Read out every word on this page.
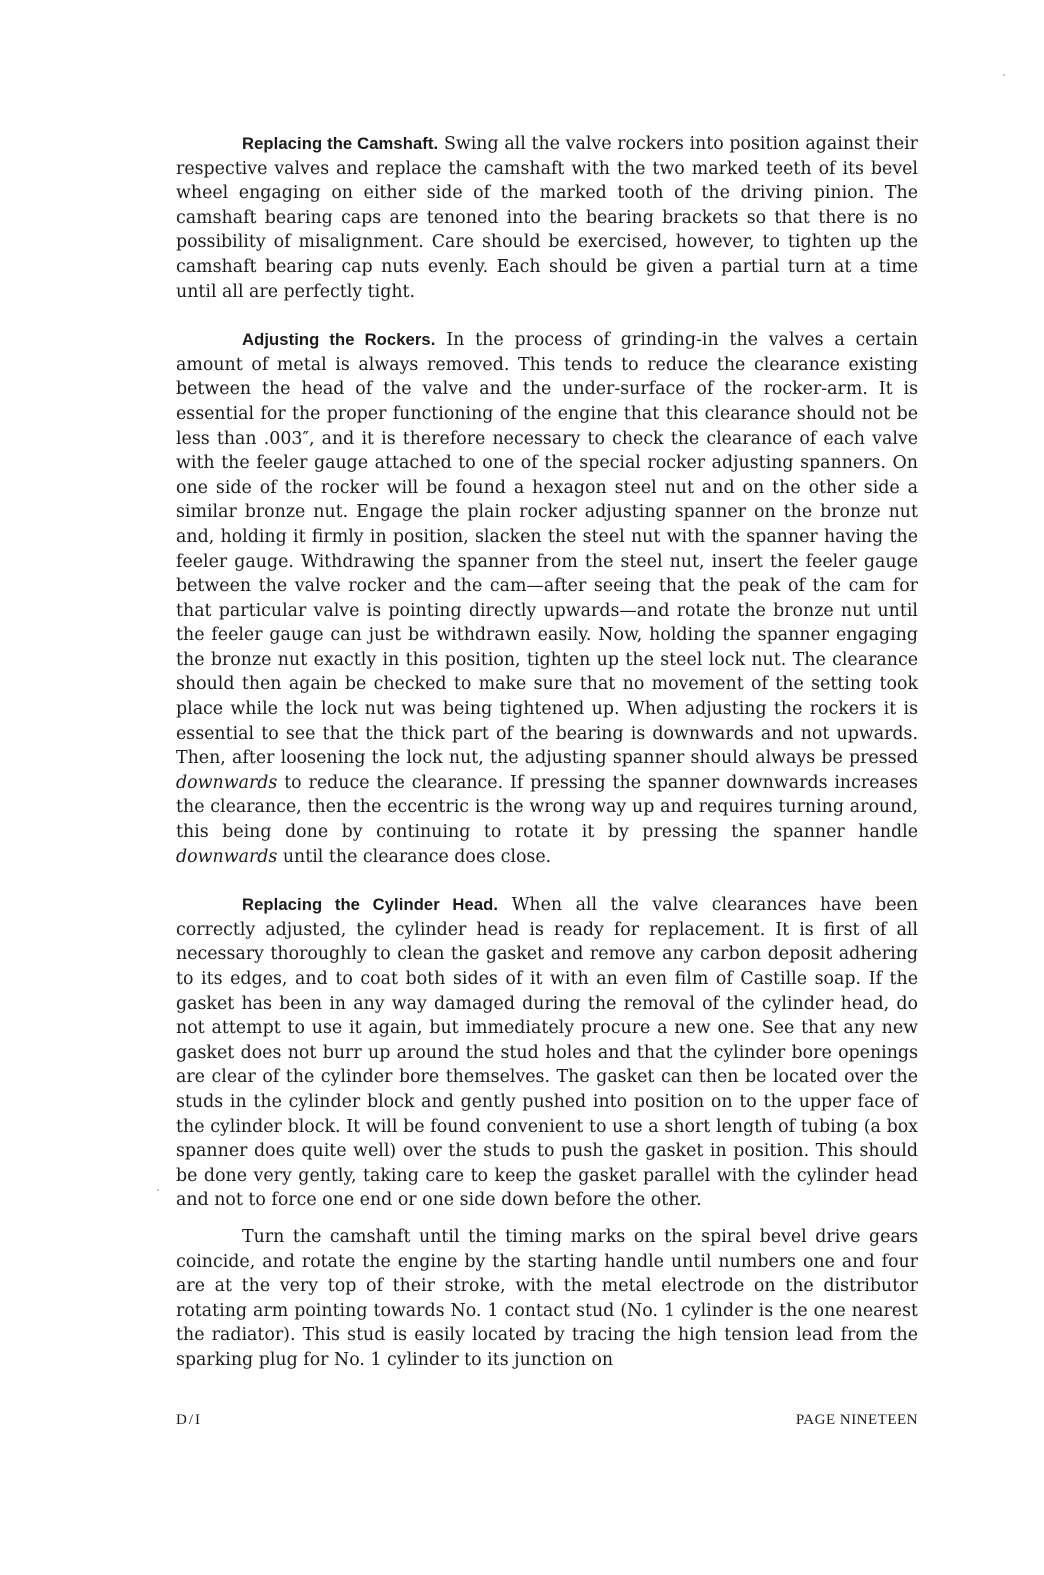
Replacing the Camshaft. Swing all the valve rockers into position against their respective valves and replace the camshaft with the two marked teeth of its bevel wheel engaging on either side of the marked tooth of the driving pinion. The camshaft bearing caps are tenoned into the bearing brackets so that there is no possibility of misalignment. Care should be exercised, however, to tighten up the camshaft bearing cap nuts evenly. Each should be given a partial turn at a time until all are perfectly tight.

Adjusting the Rockers. In the process of grinding-in the valves a certain amount of metal is always removed. This tends to reduce the clearance existing between the head of the valve and the under-surface of the rocker-arm. It is essential for the proper functioning of the engine that this clearance should not be less than .003″, and it is therefore necessary to check the clearance of each valve with the feeler gauge attached to one of the special rocker adjusting spanners. On one side of the rocker will be found a hexagon steel nut and on the other side a similar bronze nut. Engage the plain rocker adjusting spanner on the bronze nut and, holding it firmly in position, slacken the steel nut with the spanner having the feeler gauge. Withdrawing the spanner from the steel nut, insert the feeler gauge between the valve rocker and the cam—after seeing that the peak of the cam for that particular valve is pointing directly upwards—and rotate the bronze nut until the feeler gauge can just be withdrawn easily. Now, holding the spanner engaging the bronze nut exactly in this position, tighten up the steel lock nut. The clearance should then again be checked to make sure that no movement of the setting took place while the lock nut was being tightened up. When adjusting the rockers it is essential to see that the thick part of the bearing is downwards and not upwards. Then, after loosening the lock nut, the adjusting spanner should always be pressed downwards to reduce the clearance. If pressing the spanner downwards increases the clearance, then the eccentric is the wrong way up and requires turning around, this being done by continuing to rotate it by pressing the spanner handle downwards until the clearance does close.

Replacing the Cylinder Head. When all the valve clearances have been correctly adjusted, the cylinder head is ready for replacement. It is first of all necessary thoroughly to clean the gasket and remove any carbon deposit adhering to its edges, and to coat both sides of it with an even film of Castille soap. If the gasket has been in any way damaged during the removal of the cylinder head, do not attempt to use it again, but immediately procure a new one. See that any new gasket does not burr up around the stud holes and that the cylinder bore openings are clear of the cylinder bore themselves. The gasket can then be located over the studs in the cylinder block and gently pushed into position on to the upper face of the cylinder block. It will be found convenient to use a short length of tubing (a box spanner does quite well) over the studs to push the gasket in position. This should be done very gently, taking care to keep the gasket parallel with the cylinder head and not to force one end or one side down before the other.

Turn the camshaft until the timing marks on the spiral bevel drive gears coincide, and rotate the engine by the starting handle until numbers one and four are at the very top of their stroke, with the metal electrode on the distributor rotating arm pointing towards No. 1 contact stud (No. 1 cylinder is the one nearest the radiator). This stud is easily located by tracing the high tension lead from the sparking plug for No. 1 cylinder to its junction on

D/I	PAGE NINETEEN
